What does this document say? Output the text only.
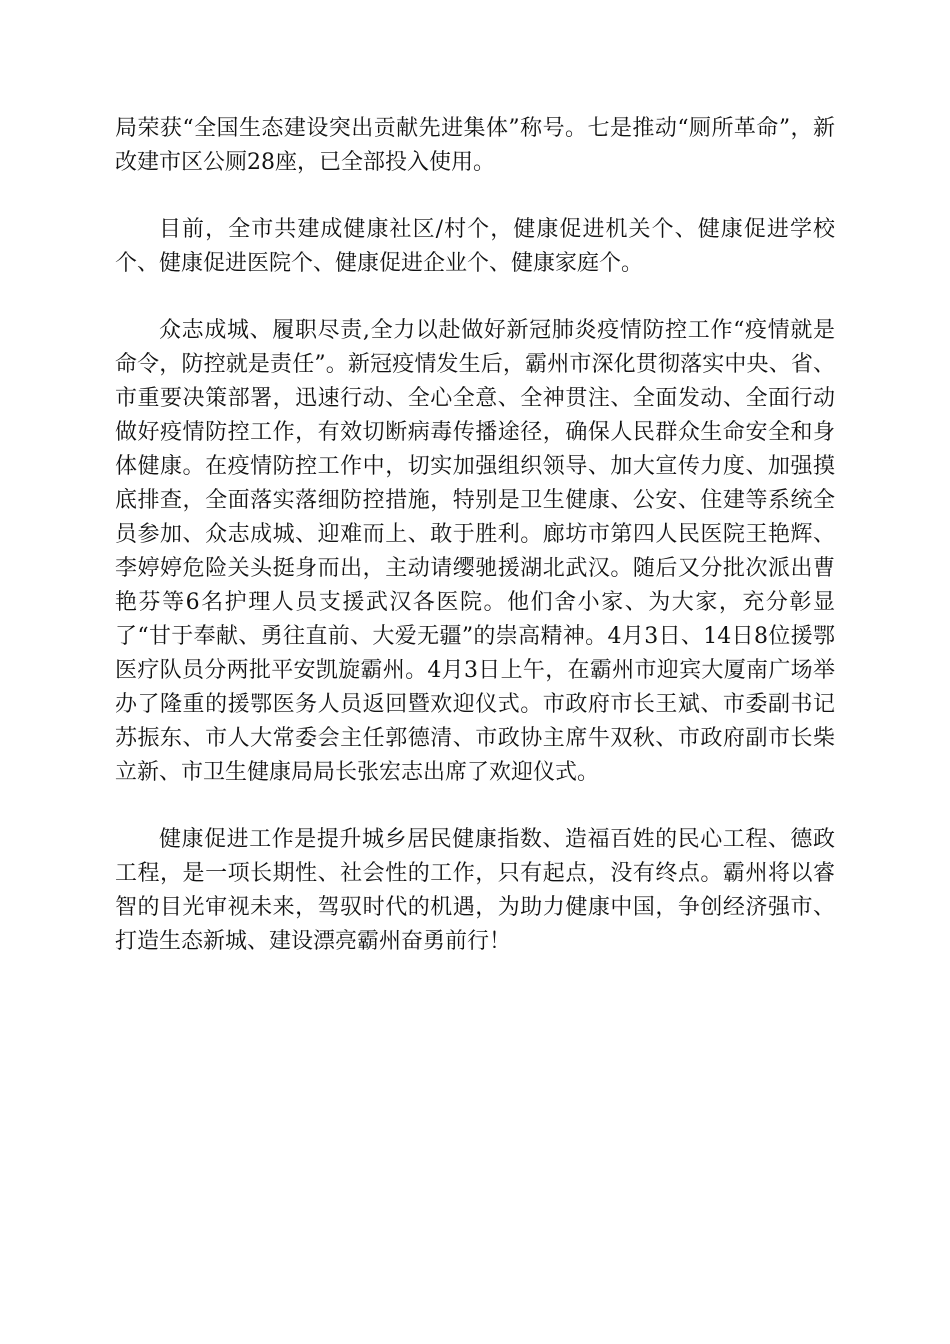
局荣获“全国生态建设突出贡献先进集体”称号。七是推动“厕所革命”，新改建市区公厕28座，已全部投入使用。

目前，全市共建成健康社区/村个，健康促进机关个、健康促进学校个、健康促进医院个、健康促进企业个、健康家庭个。

众志成城、履职尽责,全力以赴做好新冠肺炎疫情防控工作“疫情就是命令，防控就是责任”。新冠疫情发生后，霸州市深化贯彻落实中央、省、市重要决策部署，迅速行动、全心全意、全神贯注、全面发动、全面行动做好疫情防控工作，有效切断病毒传播途径，确保人民群众生命安全和身体健康。在疫情防控工作中，切实加强组织领导、加大宣传力度、加强摸底排查，全面落实落细防控措施，特别是卫生健康、公安、住建等系统全员参加、众志成城、迎难而上、敢于胜利。廊坊市第四人民医院王艳辉、李婷婷危险关头挺身而出，主动请缨驰援湖北武汉。随后又分批次派出曹艳芬等6名护理人员支援武汉各医院。他们舍小家、为大家，充分彰显了“甘于奉献、勇往直前、大爱无疆”的崇高精神。4月3日、14日8位援鄂医疗队员分两批平安凯旋霸州。4月3日上午，在霸州市迎宾大厦南广场举办了隆重的援鄂医务人员返回暨欢迎仪式。市政府市长王斌、市委副书记苏振东、市人大常委会主任郭德清、市政协主席牛双秋、市政府副市长柴立新、市卫生健康局局长张宏志出席了欢迎仪式。

健康促进工作是提升城乡居民健康指数、造福百姓的民心工程、德政工程，是一项长期性、社会性的工作，只有起点，没有终点。霸州将以睿智的目光审视未来，驾驭时代的机遇，为助力健康中国，争创经济强市、打造生态新城、建设漂亮霸州奋勇前行！
